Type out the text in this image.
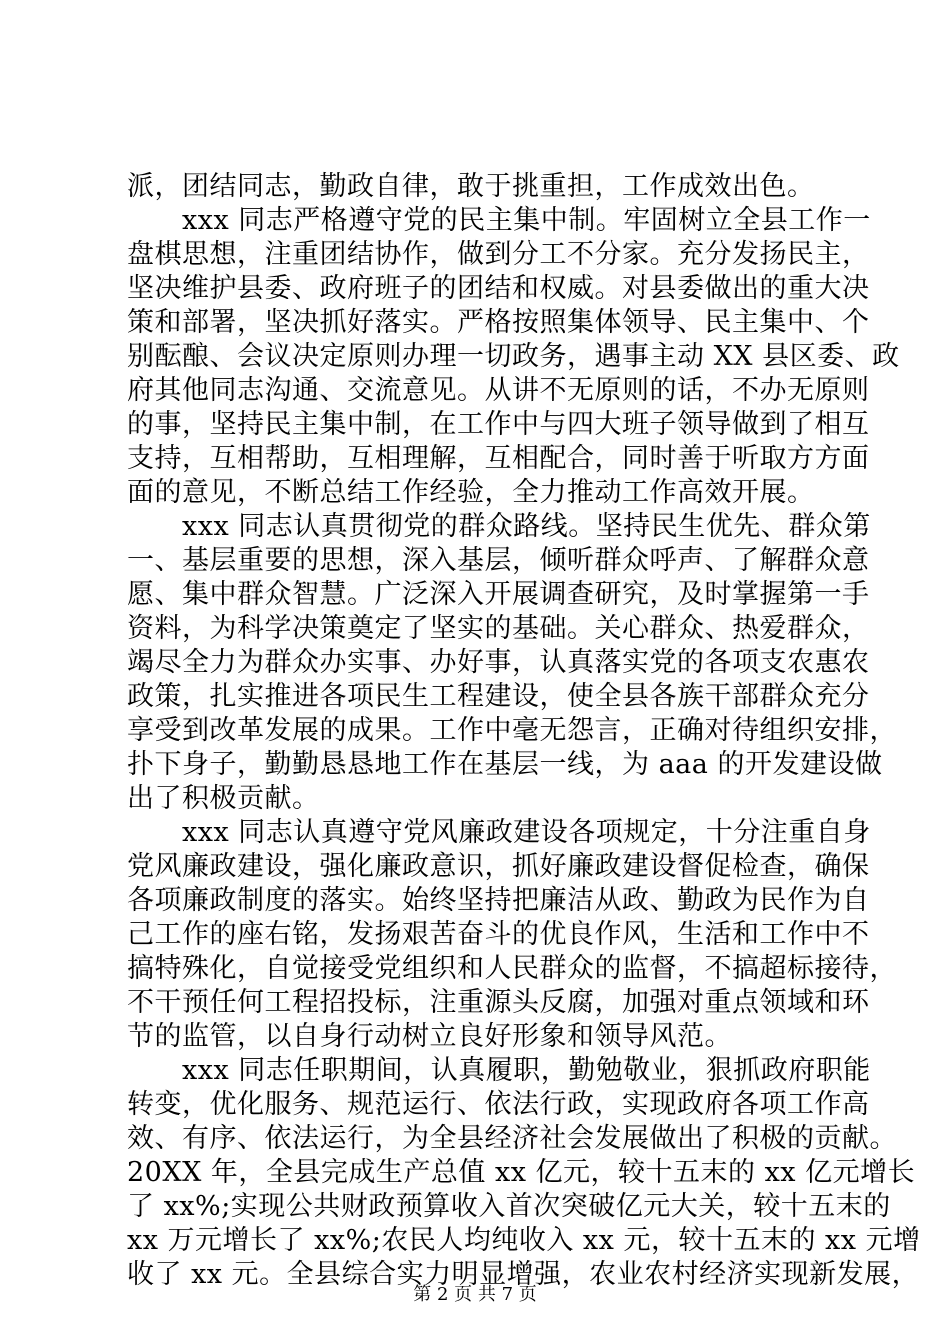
派，团结同志，勤政自律，敢于挑重担，工作成效出色。
　　xxx 同志严格遵守党的民主集中制。牢固树立全县工作一
盘棋思想，注重团结协作，做到分工不分家。充分发扬民主，
坚决维护县委、政府班子的团结和权威。对县委做出的重大决
策和部署，坚决抓好落实。严格按照集体领导、民主集中、个
别酝酿、会议决定原则办理一切政务，遇事主动 XX 县区委、政
府其他同志沟通、交流意见。从讲不无原则的话，不办无原则
的事，坚持民主集中制，在工作中与四大班子领导做到了相互
支持，互相帮助，互相理解，互相配合，同时善于听取方方面
面的意见，不断总结工作经验，全力推动工作高效开展。
　　xxx 同志认真贯彻党的群众路线。坚持民生优先、群众第
一、基层重要的思想，深入基层，倾听群众呼声、了解群众意
愿、集中群众智慧。广泛深入开展调查研究，及时掌握第一手
资料，为科学决策奠定了坚实的基础。关心群众、热爱群众，
竭尽全力为群众办实事、办好事，认真落实党的各项支农惠农
政策，扎实推进各项民生工程建设，使全县各族干部群众充分
享受到改革发展的成果。工作中毫无怨言，正确对待组织安排，
扑下身子，勤勤恳恳地工作在基层一线，为 aaa 的开发建设做
出了积极贡献。
　　xxx 同志认真遵守党风廉政建设各项规定，十分注重自身
党风廉政建设，强化廉政意识，抓好廉政建设督促检查，确保
各项廉政制度的落实。始终坚持把廉洁从政、勤政为民作为自
己工作的座右铭，发扬艰苦奋斗的优良作风，生活和工作中不
搞特殊化，自觉接受党组织和人民群众的监督，不搞超标接待，
不干预任何工程招投标，注重源头反腐，加强对重点领域和环
节的监管，以自身行动树立良好形象和领导风范。
　　xxx 同志任职期间，认真履职，勤勉敬业，狠抓政府职能
转变，优化服务、规范运行、依法行政，实现政府各项工作高
效、有序、依法运行，为全县经济社会发展做出了积极的贡献。
20XX 年，全县完成生产总值 xx 亿元，较十五末的 xx 亿元增长
了 xx%;实现公共财政预算收入首次突破亿元大关，较十五末的
xx 万元增长了 xx%;农民人均纯收入 xx 元，较十五末的 xx 元增
收了 xx 元。全县综合实力明显增强，农业农村经济实现新发展，
第 2 页 共 7 页
